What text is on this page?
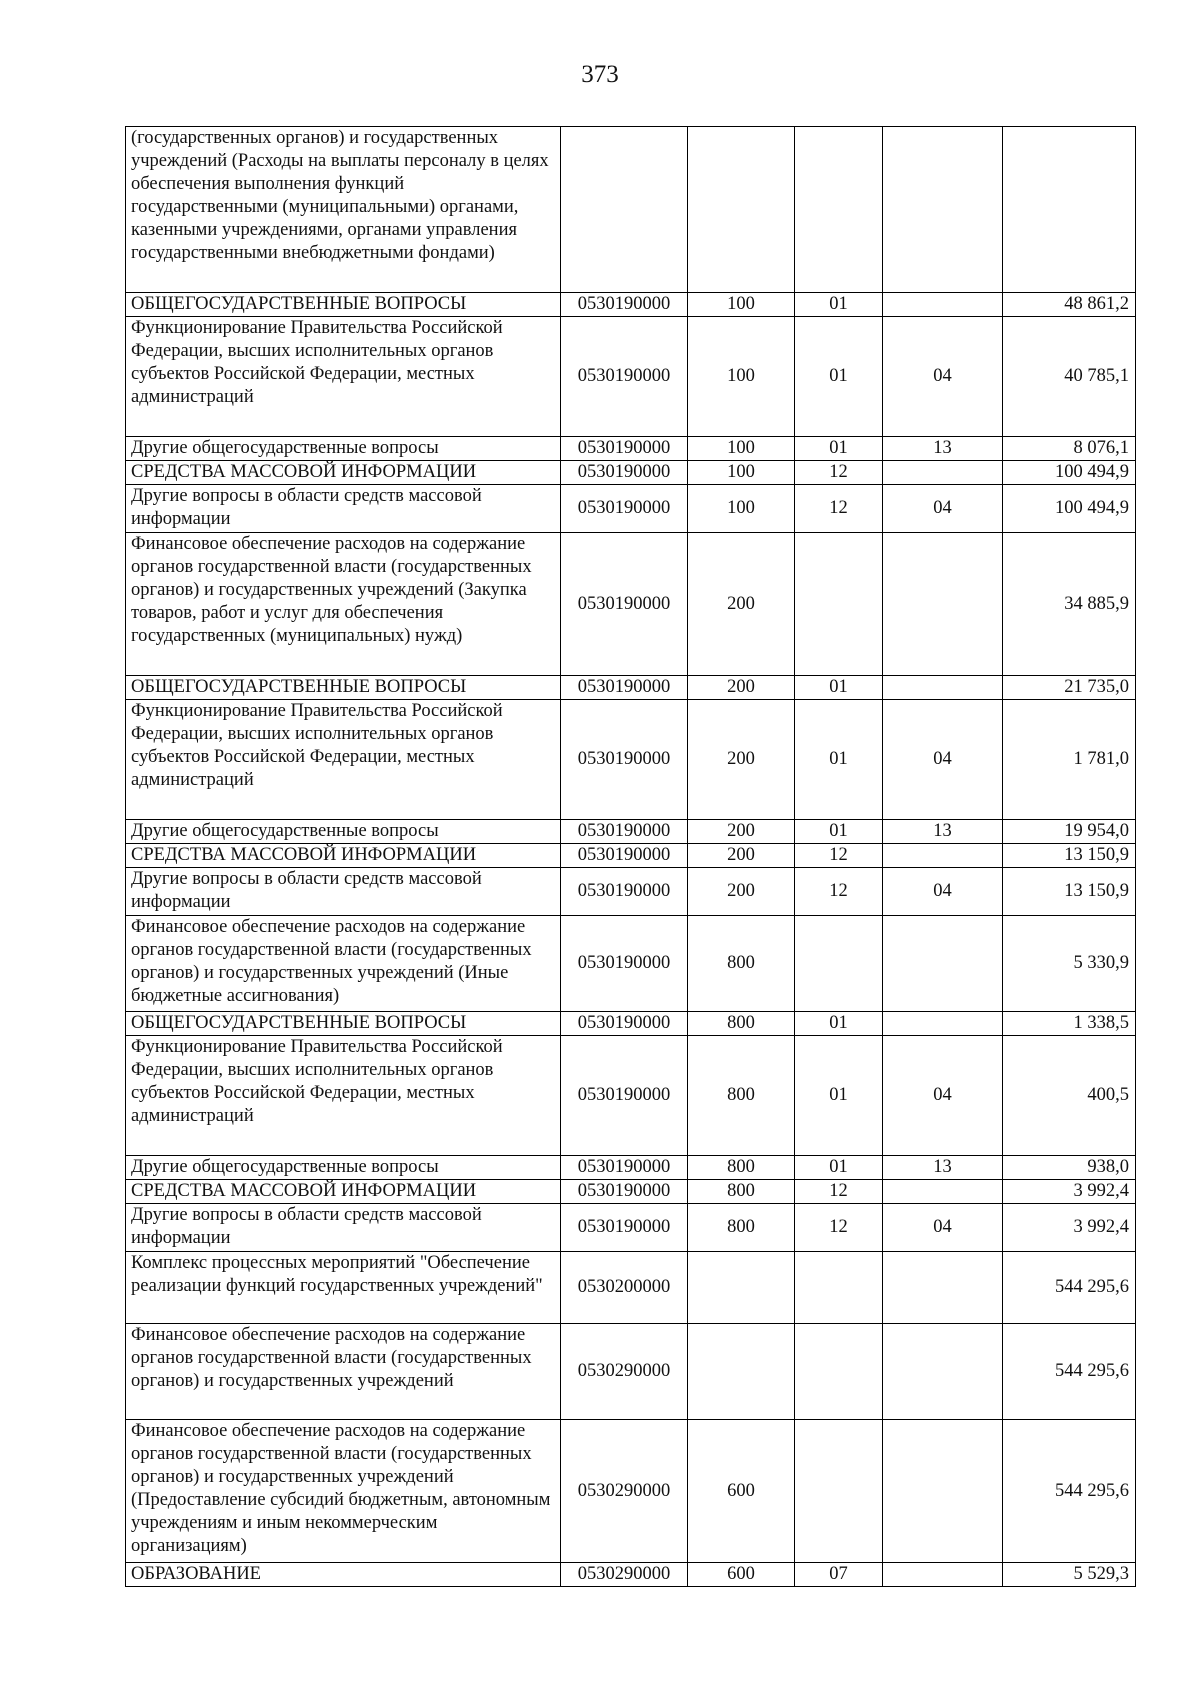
373
(государственных органов) и государственных учреждений (Расходы на выплаты персоналу в целях обеспечения выполнения функций государственными (муниципальными) органами, казенными учреждениями, органами управления государственными внебюджетными фондами)					
ОБЩЕГОСУДАРСТВЕННЫЕ ВОПРОСЫ	0530190000	100	01		48 861,2
Функционирование Правительства Российской Федерации, высших исполнительных органов субъектов Российской Федерации, местных администраций	0530190000	100	01	04	40 785,1
Другие общегосударственные вопросы	0530190000	100	01	13	8 076,1
СРЕДСТВА МАССОВОЙ ИНФОРМАЦИИ	0530190000	100	12		100 494,9
Другие вопросы в области средств массовой информации	0530190000	100	12	04	100 494,9
Финансовое обеспечение расходов на содержание органов государственной власти (государственных органов) и государственных учреждений (Закупка товаров, работ и услуг для обеспечения государственных (муниципальных) нужд)	0530190000	200			34 885,9
ОБЩЕГОСУДАРСТВЕННЫЕ ВОПРОСЫ	0530190000	200	01		21 735,0
Функционирование Правительства Российской Федерации, высших исполнительных органов субъектов Российской Федерации, местных администраций	0530190000	200	01	04	1 781,0
Другие общегосударственные вопросы	0530190000	200	01	13	19 954,0
СРЕДСТВА МАССОВОЙ ИНФОРМАЦИИ	0530190000	200	12		13 150,9
Другие вопросы в области средств массовой информации	0530190000	200	12	04	13 150,9
Финансовое обеспечение расходов на содержание органов государственной власти (государственных органов) и государственных учреждений (Иные бюджетные ассигнования)	0530190000	800			5 330,9
ОБЩЕГОСУДАРСТВЕННЫЕ ВОПРОСЫ	0530190000	800	01		1 338,5
Функционирование Правительства Российской Федерации, высших исполнительных органов субъектов Российской Федерации, местных администраций	0530190000	800	01	04	400,5
Другие общегосударственные вопросы	0530190000	800	01	13	938,0
СРЕДСТВА МАССОВОЙ ИНФОРМАЦИИ	0530190000	800	12		3 992,4
Другие вопросы в области средств массовой информации	0530190000	800	12	04	3 992,4
Комплекс процессных мероприятий "Обеспечение реализации функций государственных учреждений"	0530200000				544 295,6
Финансовое обеспечение расходов на содержание органов государственной власти (государственных органов) и государственных учреждений	0530290000				544 295,6
Финансовое обеспечение расходов на содержание органов государственной власти (государственных органов) и государственных учреждений (Предоставление субсидий бюджетным, автономным учреждениям и иным некоммерческим организациям)	0530290000	600			544 295,6
ОБРАЗОВАНИЕ	0530290000	600	07		5 529,3
